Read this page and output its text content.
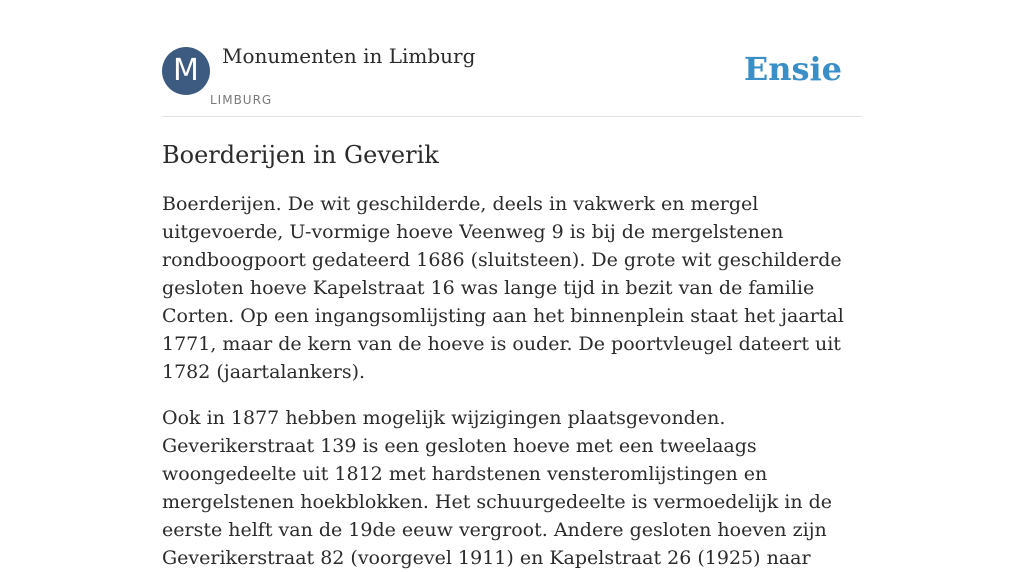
M	Monumenten in Limburg
LIMBURG
Ensie
Boerderijen in Geverik

Boerderijen. De wit geschilderde, deels in vakwerk en mergel uitgevoerde, U-vormige hoeve Veenweg 9 is bij de mergelstenen rondboogpoort gedateerd 1686 (sluitsteen). De grote wit geschilderde gesloten hoeve Kapelstraat 16 was lange tijd in bezit van de familie Corten. Op een ingangsomlijsting aan het binnenplein staat het jaartal 1771, maar de kern van de hoeve is ouder. De poortvleugel dateert uit 1782 (jaartalankers).

Ook in 1877 hebben mogelijk wijzigingen plaatsgevonden. Geverikerstraat 139 is een gesloten hoeve met een tweelaags woongedeelte uit 1812 met hardstenen vensteromlijstingen en mergelstenen hoekblokken. Het schuurgedeelte is vermoedelijk in de eerste helft van de 19de eeuw vergroot. Andere gesloten hoeven zijn Geverikerstraat 82 (voorgevel 1911) en Kapelstraat 26 (1925) naar
